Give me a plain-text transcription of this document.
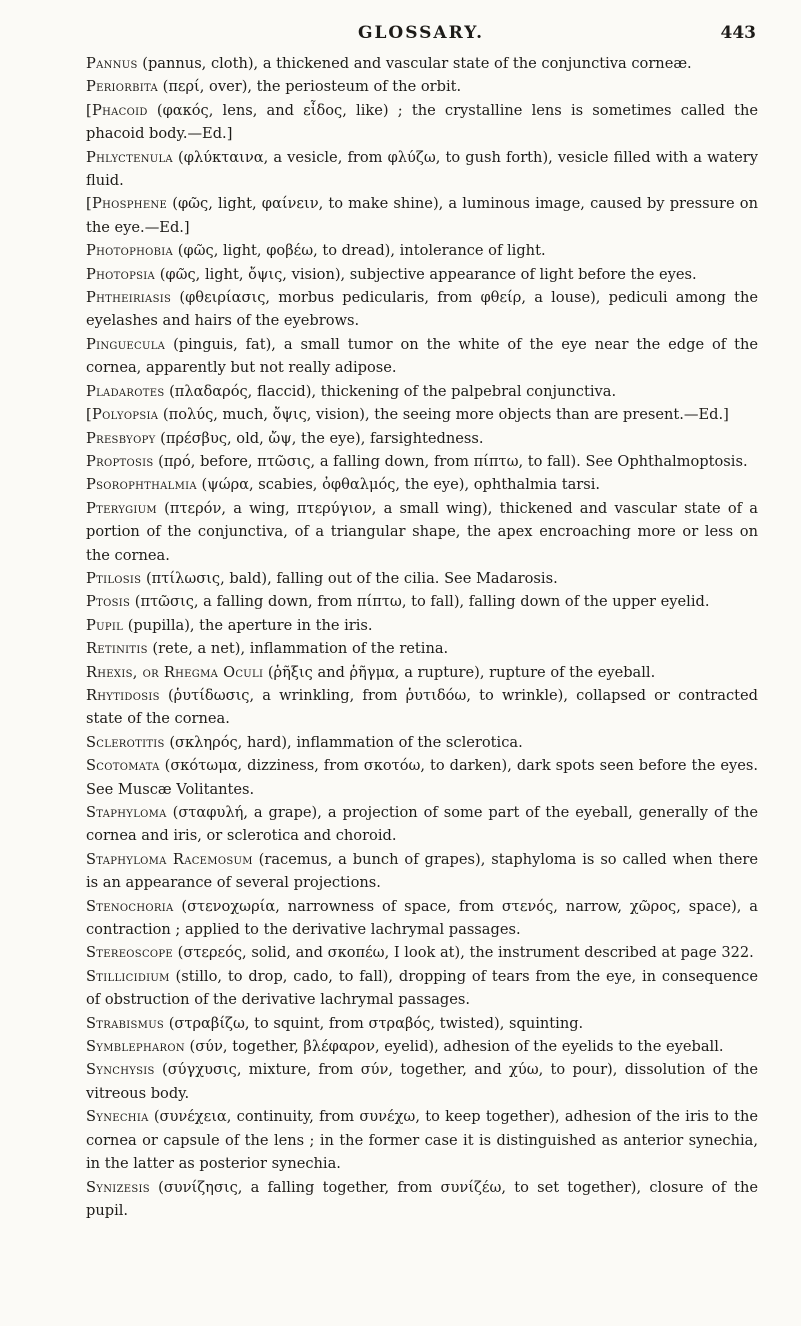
GLOSSARY.	443

Pannus (pannus, cloth), a thickened and vascular state of the conjunctiva corneæ.

Periorbita (περί, over), the periosteum of the orbit.

[Phacoid (φακός, lens, and εἶδος, like) ; the crystalline lens is sometimes called the phacoid body.—Ed.]

Phlyctenula (φλύκταινα, a vesicle, from φλύζω, to gush forth), vesicle filled with a watery fluid.

[Phosphene (φῶς, light, φαίνειν, to make shine), a luminous image, caused by pressure on the eye.—Ed.]

Photophobia (φῶς, light, φοβέω, to dread), intolerance of light.

Photopsia (φῶς, light, ὄψις, vision), subjective appearance of light before the eyes.

Phtheiriasis (φθειρίασις, morbus pedicularis, from φθείρ, a louse), pediculi among the eyelashes and hairs of the eyebrows.

Pinguecula (pinguis, fat), a small tumor on the white of the eye near the edge of the cornea, apparently but not really adipose.

Pladarotes (πλαδαρός, flaccid), thickening of the palpebral conjunctiva.

[Polyopsia (πολύς, much, ὄψις, vision), the seeing more objects than are present.—Ed.]

Presbyopy (πρέσβυς, old, ὤψ, the eye), farsightedness.

Proptosis (πρό, before, πτῶσις, a falling down, from πίπτω, to fall). See Ophthalmoptosis.

Psorophthalmia (ψώρα, scabies, ὀφθαλμός, the eye), ophthalmia tarsi.

Pterygium (πτερόν, a wing, πτερύγιον, a small wing), thickened and vascular state of a portion of the conjunctiva, of a triangular shape, the apex encroaching more or less on the cornea.

Ptilosis (πτίλωσις, bald), falling out of the cilia. See Madarosis.

Ptosis (πτῶσις, a falling down, from πίπτω, to fall), falling down of the upper eyelid.

Pupil (pupilla), the aperture in the iris.

Retinitis (rete, a net), inflammation of the retina.

Rhexis, or Rhegma Oculi (ῥῆξις and ῥῆγμα, a rupture), rupture of the eyeball.

Rhytidosis (ῥυτίδωσις, a wrinkling, from ῥυτιδόω, to wrinkle), collapsed or contracted state of the cornea.

Sclerotitis (σκληρός, hard), inflammation of the sclerotica.

Scotomata (σκότωμα, dizziness, from σκοτόω, to darken), dark spots seen before the eyes. See Muscæ Volitantes.

Staphyloma (σταφυλή, a grape), a projection of some part of the eyeball, generally of the cornea and iris, or sclerotica and choroid.

Staphyloma Racemosum (racemus, a bunch of grapes), staphyloma is so called when there is an appearance of several projections.

Stenochoria (στενοχωρία, narrowness of space, from στενός, narrow, χῶρος, space), a contraction ; applied to the derivative lachrymal passages.

Stereoscope (στερεός, solid, and σκοπέω, I look at), the instrument described at page 322.

Stillicidium (stillo, to drop, cado, to fall), dropping of tears from the eye, in consequence of obstruction of the derivative lachrymal passages.

Strabismus (στραβίζω, to squint, from στραβός, twisted), squinting.

Symblepharon (σύν, together, βλέφαρον, eyelid), adhesion of the eyelids to the eyeball.

Synchysis (σύγχυσις, mixture, from σύν, together, and χύω, to pour), dissolution of the vitreous body.

Synechia (συνέχεια, continuity, from συνέχω, to keep together), adhesion of the iris to the cornea or capsule of the lens ; in the former case it is distinguished as anterior synechia, in the latter as posterior synechia.

Synizesis (συνίζησις, a falling together, from συνίζέω, to set together), closure of the pupil.
